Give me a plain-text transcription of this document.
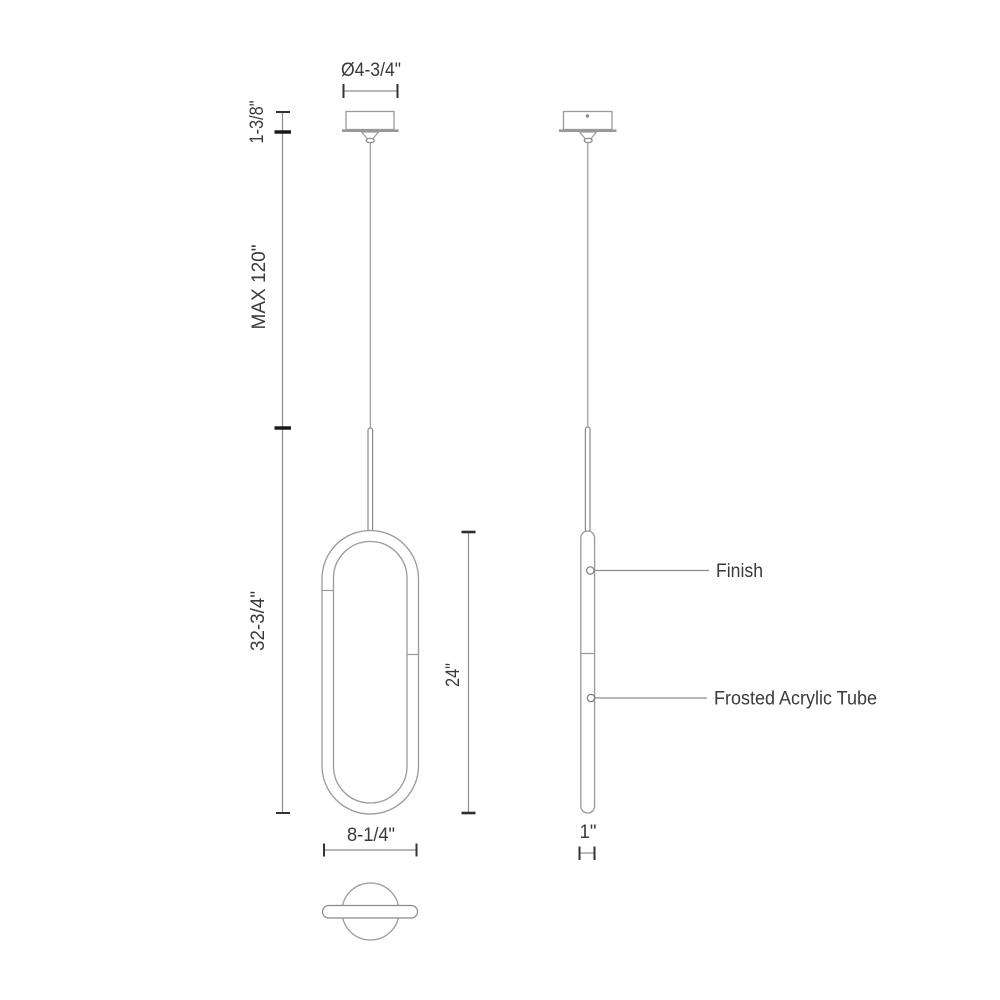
Ø4-3/4"
1-3/8"
MAX 120"
32-3/4"
24"
8-1/4"
Finish
Frosted Acrylic Tube
1"
